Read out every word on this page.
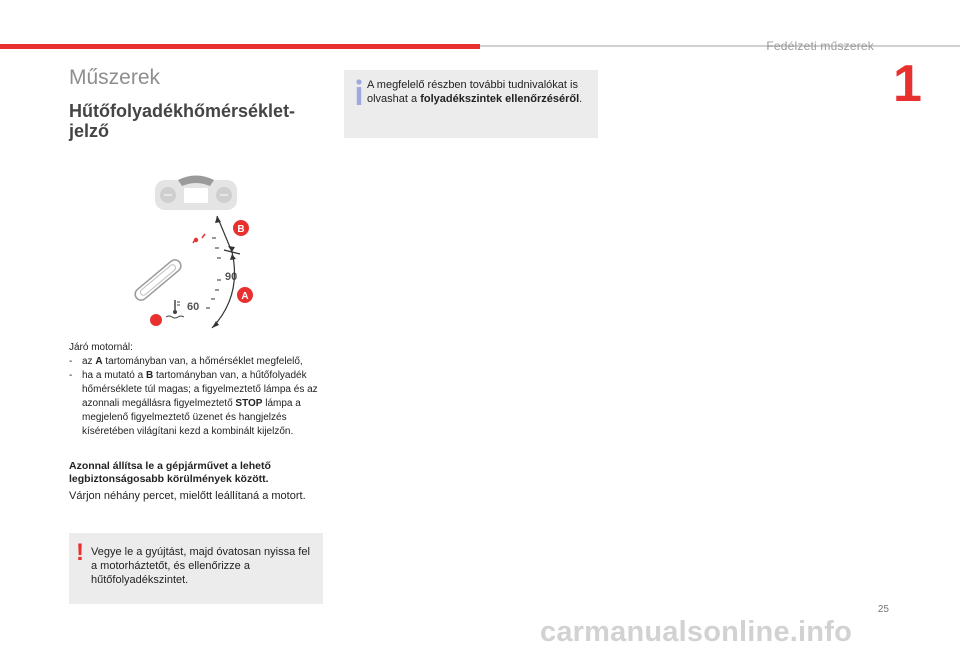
Fedélzeti műszerek
1
Műszerek
Hűtőfolyadékhőmérséklet-jelző
90
60
B
A
Járó motornál:
- az A tartományban van, a hőmérséklet megfelelő,
- ha a mutató a B tartományban van, a hűtőfolyadék hőmérséklete túl magas; a figyelmeztető lámpa és az azonnali megállásra figyelmeztető STOP lámpa a megjelenő figyelmeztető üzenet és hangjelzés kíséretében világítani kezd a kombinált kijelzőn.
Azonnal állítsa le a gépjárművet a lehető legbiztonságosabb körülmények között.
Várjon néhány percet, mielőtt leállítaná a motort.
! Vegye le a gyújtást, majd óvatosan nyissa fel a motorháztetőt, és ellenőrizze a hűtőfolyadékszintet.
A megfelelő részben további tudnivalókat is olvashat a folyadékszintek ellenőrzéséről.
25
carmanualsonline.info
